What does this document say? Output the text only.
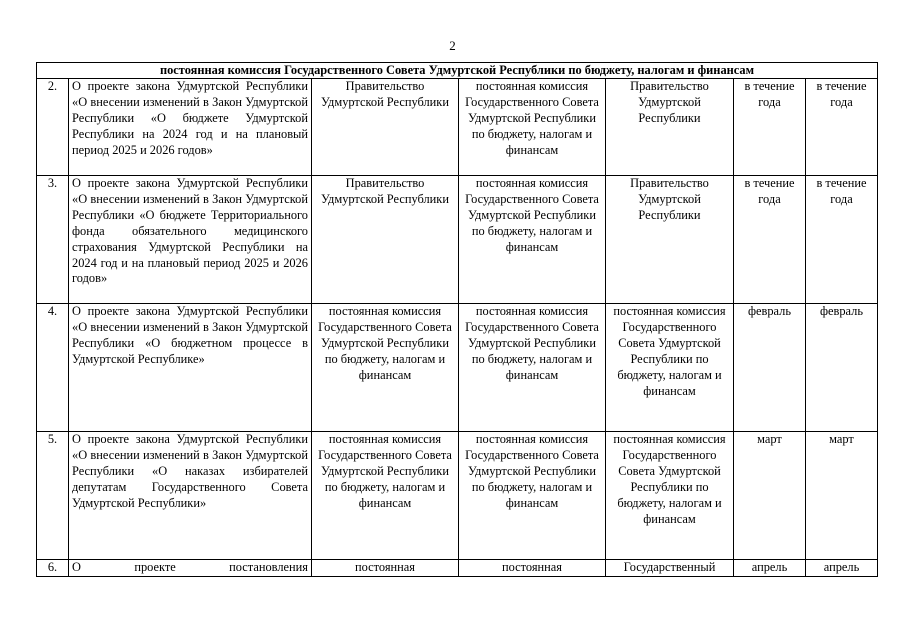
2
постоянная комиссия Государственного Совета Удмуртской Республики по бюджету, налогам и финансам						
2.	О проекте закона Удмуртской Республики «О внесении изменений в Закон Удмуртской Республики «О бюджете Удмуртской Республики на 2024 год и на плановый период 2025 и 2026 годов»	Правительство Удмуртской Республики	постоянная комиссия Государственного Совета Удмуртской Республики по бюджету, налогам и финансам	Правительство Удмуртской Республики	в течение года	в течение года
3.	О проекте закона Удмуртской Республики «О внесении изменений в Закон Удмуртской Республики «О бюджете Территориального фонда обязательного медицинского страхования Удмуртской Республики на 2024 год и на плановый период 2025 и 2026 годов»	Правительство Удмуртской Республики	постоянная комиссия Государственного Совета Удмуртской Республики по бюджету, налогам и финансам	Правительство Удмуртской Республики	в течение года	в течение года
4.	О проекте закона Удмуртской Республики «О внесении изменений в Закон Удмуртской Республики «О бюджетном процессе в Удмуртской Республике»	постоянная комиссия Государственного Совета Удмуртской Республики по бюджету, налогам и финансам	постоянная комиссия Государственного Совета Удмуртской Республики по бюджету, налогам и финансам	постоянная комиссия Государственного Совета Удмуртской Республики по бюджету, налогам и финансам	февраль	февраль
5.	О проекте закона Удмуртской Республики «О внесении изменений в Закон Удмуртской Республики «О наказах избирателей депутатам Государственного Совета Удмуртской Республики»	постоянная комиссия Государственного Совета Удмуртской Республики по бюджету, налогам и финансам	постоянная комиссия Государственного Совета Удмуртской Республики по бюджету, налогам и финансам	постоянная комиссия Государственного Совета Удмуртской Республики по бюджету, налогам и финансам	март	март
6.	О проекте постановления	постоянная	постоянная	Государственный	апрель	апрель
